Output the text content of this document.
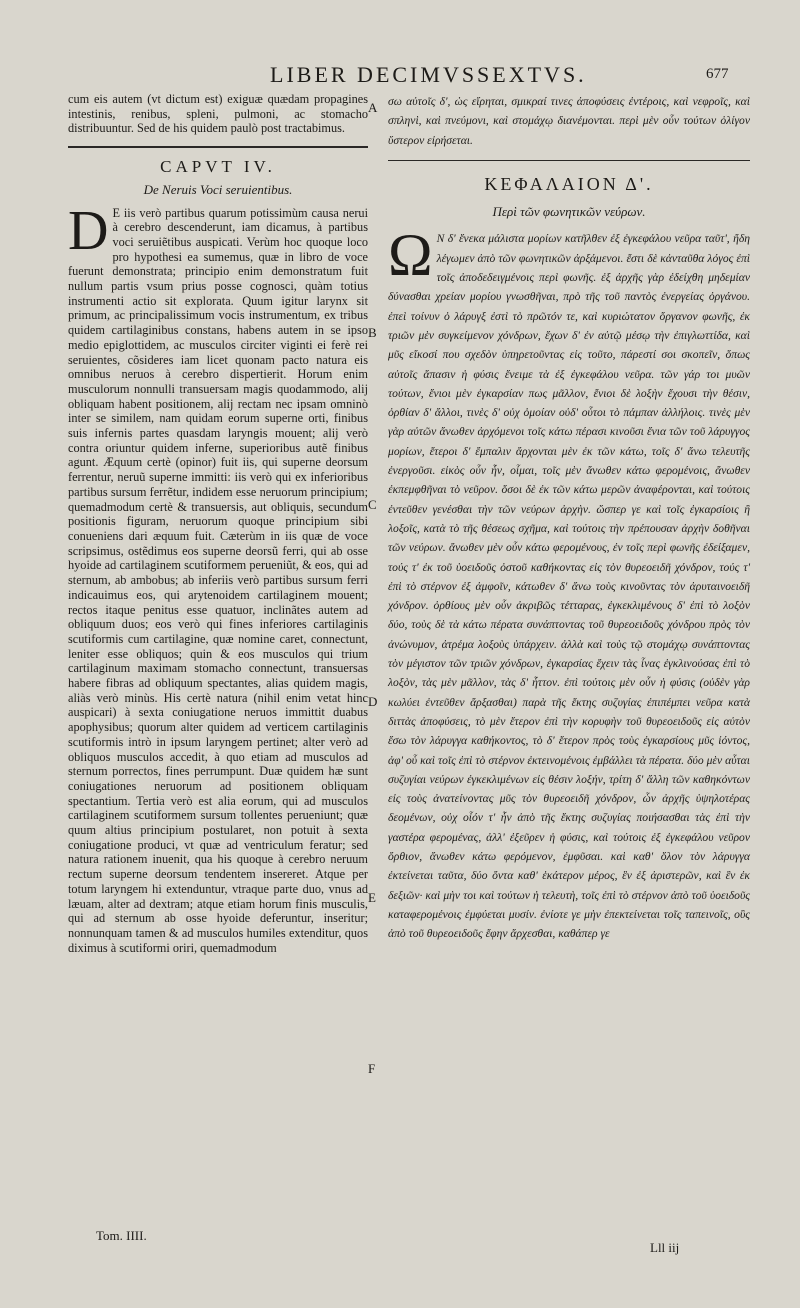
LIBER DECIMVSSEXTVS.	677

cum eis autem (vt dictum est) exiguæ quædam propagines intestinis, renibus, spleni, pulmoni, ac stomacho distribuuntur. Sed de his quidem paulò post tractabimus.

CAPVT IV.
De Neruis Voci seruientibus.

D E iis verò partibus quarum potissimùm causa nerui à cerebro descenderunt, iam dicamus, à partibus voci seruiẽtibus auspicati. Verùm hoc quoque loco pro hypothesi ea sumemus, quæ in libro de voce fuerunt demonstrata; principio enim demonstratum fuit nullum partis vsum prius posse cognosci, quàm totius instrumenti actio sit explorata. Quum igitur larynx sit primum, ac principalissimum vocis instrumentum, ex tribus quidem cartilaginibus constans, habens autem in se ipso medio epiglottidem, ac musculos circiter viginti ei ferè rei seruientes, cõsideres iam licet quonam pacto natura eis omnibus neruos à cerebro dispertierit. Horum enim musculorum nonnulli transuersam magis quodammodo, alij obliquam habent positionem, alij rectam nec ipsam omninò inter se similem, nam quidam eorum superne orti, finibus suis infernis partes quasdam laryngis mouent; alij verò contra oriuntur quidem inferne, superioribus autẽ finibus agunt. Æquum certè (opinor) fuit iis, qui superne deorsum ferrentur, neruũ superne immitti: iis verò qui ex inferioribus partibus sursum ferrẽtur, indidem esse neruorum principium; quemadmodum certè & transuersis, aut obliquis, secundum positionis figuram, neruorum quoque principium sibi conueniens dari æquum fuit. Cæterùm in iis quæ de voce scripsimus, ostẽdimus eos superne deorsũ ferri, qui ab osse hyoide ad cartilaginem scutiformem perueniũt, & eos, qui ad sternum, ab ambobus; ab inferiis verò partibus sursum ferri indicauimus eos, qui arytenoidem cartilaginem mouent; rectos itaque penitus esse quatuor, inclinãtes autem ad obliquum duos; eos verò qui fines inferiores cartilaginis scutiformis cum cartilagine, quæ nomine caret, connectunt, leniter esse obliquos; quin & eos musculos qui trium cartilaginum maximam stomacho connectunt, transuersas habere fibras ad obliquum spectantes, alias quidem magis, aliàs verò minùs. His certè natura (nihil enim vetat hinc auspicari) à sexta coniugatione neruos immittit duabus apophysibus; quorum alter quidem ad verticem cartilaginis scutiformis intrò in ipsum laryngem pertinet; alter verò ad obliquos musculos accedit, à quo etiam ad musculos ad sternum porrectos, fines perrumpunt. Duæ quidem hæ sunt coniugationes neruorum ad positionem obliquam spectantium. Tertia verò est alia eorum, qui ad musculos cartilaginem scutiformem sursum tollentes perueniunt; quæ quum altius principium postularet, non potuit à sexta coniugatione produci, vt quæ ad ventriculum feratur; sed natura rationem inuenit, qua his quoque à cerebro neruum rectum superne deorsum tendentem insereret. Atque per totum laryngem hi extenduntur, vtraque parte duo, vnus ad læuam, alter ad dextram; atque etiam horum finis musculis, qui ad sternum ab osse hyoide deferuntur, inseritur; nonnunquam tamen & ad musculos humiles extenditur, quos diximus à scutiformi oriri, quemadmodum

σω αὐτοῖς δ', ὡς εἴρηται, σμικραί τινες ἀποφύσεις ἐντέροις, καὶ νεφροῖς, καὶ σπληνὶ, καὶ πνεύμονι, καὶ στομάχῳ διανέμονται. περὶ μὲν οὖν τούτων ὀλίγον ὕστερον εἰρήσεται.

ΚΕΦΑΛΑΙΟΝ Δ'.
Περὶ τῶν φωνητικῶν νεύρων.

Ω Ν δ' ἕνεκα μάλιστα μορίων κατῆλθεν ἐξ ἐγκεφάλου νεῦρα ταῦτ', ἤδη λέγωμεν ἀπὸ τῶν φωνητικῶν ἀρξάμενοι. ἔστι δὲ κἀνταῦθα λόγος ἐπὶ τοῖς ἀποδεδειγμένοις περὶ φωνῆς. ἐξ ἀρχῆς γὰρ ἐδείχθη μηδεμίαν δύνασθαι χρείαν μορίου γνωσθῆναι, πρὸ τῆς τοῦ παντὸς ἐνεργείας ὀργάνου. ἐπεὶ τοίνυν ὁ λάρυγξ ἐστὶ τὸ πρῶτόν τε, καὶ κυριώτατον ὄργανον φωνῆς, ἐκ τριῶν μὲν συγκείμενον χόνδρων, ἔχων δ' ἐν αὐτῷ μέσῳ τὴν ἐπιγλωττίδα, καὶ μῦς εἴκοσί που σχεδὸν ὑπηρετοῦντας εἰς τοῦτο, πάρεστί σοι σκοπεῖν, ὅπως αὐτοῖς ἅπασιν ἡ φύσις ἔνειμε τὰ ἐξ ἐγκεφάλου νεῦρα. τῶν γάρ τοι μυῶν τούτων, ἔνιοι μὲν ἐγκαρσίαν πως μᾶλλον, ἔνιοι δὲ λοξὴν ἔχουσι τὴν θέσιν, ὀρθίαν δ' ἄλλοι, τινὲς δ' οὐχ ὁμοίαν οὐδ' οὗτοι τὸ πάμπαν ἀλλήλοις. τινὲς μὲν γὰρ αὐτῶν ἄνωθεν ἀρχόμενοι τοῖς κάτω πέρασι κινοῦσι ἔνια τῶν τοῦ λάρυγγος μορίων, ἕτεροι δ' ἔμπαλιν ἄρχονται μὲν ἐκ τῶν κάτω, τοῖς δ' ἄνω τελευτῆς ἐνεργοῦσι. εἰκὸς οὖν ἦν, οἶμαι, τοῖς μὲν ἄνωθεν κάτω φερομένοις, ἄνωθεν ἐκπεμφθῆναι τὸ νεῦρον. ὅσοι δὲ ἐκ τῶν κάτω μερῶν ἀναφέρονται, καὶ τούτοις ἐντεῦθεν γενέσθαι τὴν τῶν νεύρων ἀρχὴν. ὥσπερ γε καὶ τοῖς ἐγκαρσίοις ἢ λοξοῖς, κατὰ τὸ τῆς θέσεως σχῆμα, καὶ τούτοις τὴν πρέπουσαν ἀρχὴν δοθῆναι τῶν νεύρων. ἄνωθεν μὲν οὖν κάτω φερομένους, ἐν τοῖς περὶ φωνῆς ἐδείξαμεν, τούς τ' ἐκ τοῦ ὑοειδοῦς ὀστοῦ καθήκοντας εἰς τὸν θυρεοειδῆ χόνδρον, τούς τ' ἐπὶ τὸ στέρνον ἐξ ἀμφοῖν, κάτωθεν δ' ἄνω τοὺς κινοῦντας τὸν ἀρυταινοειδῆ χόνδρον. ὀρθίους μὲν οὖν ἀκριβῶς τέτταρας, ἐγκεκλιμένους δ' ἐπὶ τὸ λοξὸν δύο, τοὺς δὲ τὰ κάτω πέρατα συνάπτοντας τοῦ θυρεοειδοῦς χόνδρου πρὸς τὸν ἀνώνυμον, ἀτρέμα λοξοὺς ὑπάρχειν. ἀλλὰ καὶ τοὺς τῷ στομάχῳ συνάπτοντας τὸν μέγιστον τῶν τριῶν χόνδρων, ἐγκαρσίας ἔχειν τὰς ἶνας ἐγκλινούσας ἐπὶ τὸ λοξὸν, τὰς μὲν μᾶλλον, τὰς δ' ἧττον. ἐπὶ τούτοις μὲν οὖν ἡ φύσις (οὐδὲν γὰρ κωλύει ἐντεῦθεν ἄρξασθαι) παρὰ τῆς ἕκτης συζυγίας ἐπιπέμπει νεῦρα κατὰ διττὰς ἀποφύσεις, τὸ μὲν ἕτερον ἐπὶ τὴν κορυφὴν τοῦ θυρεοειδοῦς εἰς αὐτὸν ἔσω τὸν λάρυγγα καθήκοντος, τὸ δ' ἕτερον πρὸς τοὺς ἐγκαρσίους μῦς ἰόντος, ἀφ' οὗ καὶ τοῖς ἐπὶ τὸ στέρνον ἐκτεινομένοις ἐμβάλλει τὰ πέρατα. δύο μὲν αὗται συζυγίαι νεύρων ἐγκεκλιμένων εἰς θέσιν λοξήν, τρίτη δ' ἄλλη τῶν καθηκόντων εἰς τοὺς ἀνατείνοντας μῦς τὸν θυρεοειδῆ χόνδρον, ὧν ἀρχῆς ὑψηλοτέρας δεομένων, οὐχ οἷόν τ' ἦν ἀπὸ τῆς ἕκτης συζυγίας ποιήσασθαι τὰς ἐπὶ τὴν γαστέρα φερομένας, ἀλλ' ἐξεῦρεν ἡ φύσις, καὶ τούτοις ἐξ ἐγκεφάλου νεῦρον ὄρθιον, ἄνωθεν κάτω φερόμενον, ἐμφῦσαι. καὶ καθ' ὅλον τὸν λάρυγγα ἐκτείνεται ταῦτα, δύο ὄντα καθ' ἑκάτερον μέρος, ἓν ἐξ ἀριστερῶν, καὶ ἓν ἐκ δεξιῶν· καὶ μὴν τοι καὶ τούτων ἡ τελευτὴ, τοῖς ἐπὶ τὸ στέρνον ἀπὸ τοῦ ὑοειδοῦς καταφερομένοις ἐμφύεται μυσίν. ἐνίοτε γε μὴν ἐπεκτείνεται τοῖς ταπεινοῖς, οὓς ἀπὸ τοῦ θυρεοειδοῦς ἔφην ἄρχεσθαι, καθάπερ γε

A
B
C
D
E
F
Tom. IIII.
Lll iij
